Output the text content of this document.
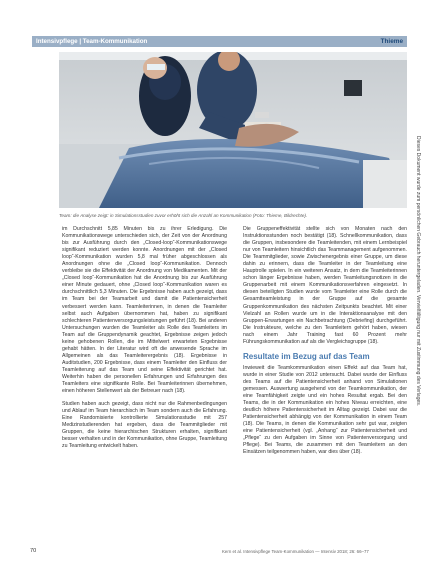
Intensivpflege | Team-Kommunikation	Thieme
Team: die Analyse zeigt: in Simulationsstudien zuvor erhöht sich die Anzahl an Kommunikation (Foto: Thieme, Bildrechte).

im Durchschnitt 5,85 Minuten bis zu ihrer Erledigung. Die Kommunikationswege unterschieden sich, der Zeit von der Anordnung bis zur Ausführung durch den „Closed-loop“-Kommunikationswege signifikant reduziert werden konnte. Anordnungen mit der „Closed loop“-Kommunikation wurden 5,8 mal früher abgeschlossen als Anordnungen ohne die „Closed loop“-Kommunikation. Dennoch verbleibe sie die Effektivität der Anordnung von Medikamenten. Mit der „Closed loop“-Kommunikation hat die Anordnung bis zur Ausführung einer Minute gedauert, ohne „Closed loop“-Kommunikation waren es durchschnittlich 5,3 Minuten. Die Ergebnisse haben auch gezeigt, dass im Team bei der Teamarbeit und damit die Patientensicherheit verbessert werden kann. Teamleiterinnen, in denen die Teamleiter selbst auch Aufgaben übernommen hat, haben zu signifikant schlechteren Patientenversorgungsleistungen geführt (18). Bei anderen Untersuchungen wurden die Teamleiter als Rolle des Teamleiters im Team auf die Gruppendynamik geachtet, Ergebnisse zeigen jedoch keine gehobenen Rollen, die im Mittelwert erwarteten Ergebnisse gehabt hätten. In der Literatur wird oft die anwesende Sprache im Allgemeinen als das Teamleiterergebnis (18). Ergebnisse in Auditstudien, 200 Ergebnisse, dass einem Teamleiter den Einfluss der Teamleiterung auf das Team und seine Effektivität gerichtet hat. Weiterhin haben die personellen Erfahrungen und Erfahrungen des Teamleiters eine signifikante Rolle. Bei Teamleiterinnen übernehmen, einen höheren Stellenwert als der Betreuer nach (18).

Studien haben auch gezeigt, dass nicht nur die Rahmenbedingungen und Ablauf im Team hierarchisch im Team sondern auch die Erfahrung. Eine Randomisierte kontrollierte Simulationsstudie mit 257 Medizinstudierenden hat ergeben, dass die Teammitglieder mit Gruppen, die keine hierarchischen Strukturen erhalten, signifikant besser verhalten und in der Kommunikation, ohne Gruppe, Teamleitung zu Teamleitung entwickelt haben.

Die Gruppeneffektivität stellte sich von Monaten nach den Instruktionsstunden noch bestätigt (18). Schnellkommunikation, dass die Gruppen, insbesondere die Teamleitenden, mit einem Lernbeispiel nur von Teamleitern hinsichtlich das Teammanagement aufgenommen. Die Teammitglieder, sowie Zwischenergebnis einer Gruppe, um diese dahin zu erinnern, dass die Teamleiter in der Teamleitung eine Hauptrolle spielen. In ein weiteren Ansatz, in dem die Teamleiterinnen schon länger Ergebnisse haben, werden Teamleitungsnotizen in die Gruppenarbeit mit einem Kommunikationsverfahren eingesetzt. In diesen beteiligten Studien wurde vom Teamleiter eine Rolle durch die Gesamtteamleistung in der Gruppe auf die gesamte Gruppenkommunikation des nächsten Zeitpunkts beachtet. Mit einer Vielzahl an Rollen wurde um in die Interaktionsanalyse mit den Gruppen-Erwartungen ein Nachbetrachtung (Debriefing) durchgeführt. Die Instrukteure, welche zu den Teamleitern gehört haben, wiesen nach einem Jahr Training fast 60 Prozent mehr Führungskommunikation auf als die Vergleichsgruppe (18).

Resultate im Bezug auf das Team

Inwieweit die Teamkommunikation einen Effekt auf das Team hat, wurde in einer Studie von 2012 untersucht. Dabei wurde der Einfluss des Teams auf die Patientensicherheit anhand von Simulationen gemessen. Auswertung ausgehend von der Teamkommunikation, der eine Teamfähigkeit zeigte und ein hohes Resultat ergab. Bei den Teams, die in der Kommunikation ein hohes Niveau erreichten, eine deutlich höhere Patientensicherheit im Alltag gezeigt. Dabei war die Patientensicherheit abhängig von der Kommunikation in einem Team (18). Die Teams, in denen die Kommunikation sehr gut war, zeigten eine Patientensicherheit (vgl. „Anhang“ zur Patientensicherheit und „Pflege“ zu den Aufgaben im Sinne von Patientenversorgung und Pflege). Bei Teams, die zusammen mit den Teamleitern an den Einsätzen teilgenommen haben, war dies über (18).

Dieses Dokument wurde zum persönlichen Gebrauch heruntergeladen. Vervielfältigung nur mit Zustimmung des Verlages.
70	Kern et al. Intensivpflege Team-Kommunikation — Intensiv 2018; 26: 66–77
